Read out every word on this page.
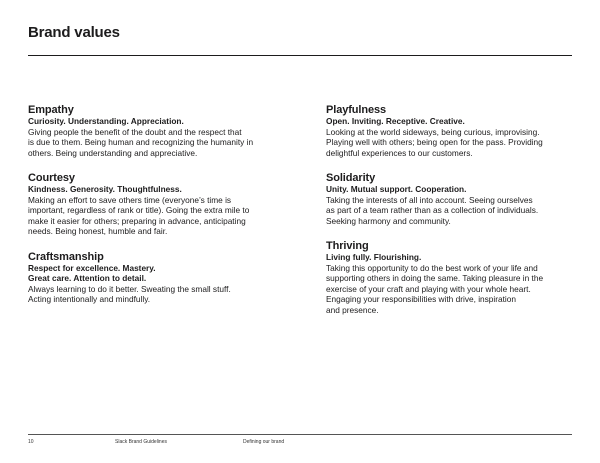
Brand values
Empathy
Curiosity. Understanding. Appreciation.
Giving people the benefit of the doubt and the respect that
is due to them. Being human and recognizing the humanity in
others. Being understanding and appreciative.
Courtesy
Kindness. Generosity. Thoughtfulness.
Making an effort to save others time (everyone’s time is
important, regardless of rank or title). Going the extra mile to
make it easier for others; preparing in advance, anticipating
needs. Being honest, humble and fair.
Craftsmanship
Respect for excellence. Mastery.
Great care. Attention to detail.
Always learning to do it better. Sweating the small stuff.
Acting intentionally and mindfully.
Playfulness
Open. Inviting. Receptive. Creative.
Looking at the world sideways, being curious, improvising.
Playing well with others; being open for the pass. Providing
delightful experiences to our customers.
Solidarity
Unity. Mutual support. Cooperation.
Taking the interests of all into account. Seeing ourselves
as part of a team rather than as a collection of individuals.
Seeking harmony and community.
Thriving
Living fully. Flourishing.
Taking this opportunity to do the best work of your life and
supporting others in doing the same. Taking pleasure in the
exercise of your craft and playing with your whole heart.
Engaging your responsibilities with drive, inspiration
and presence.
10	Slack Brand Guidelines	Defining our brand
